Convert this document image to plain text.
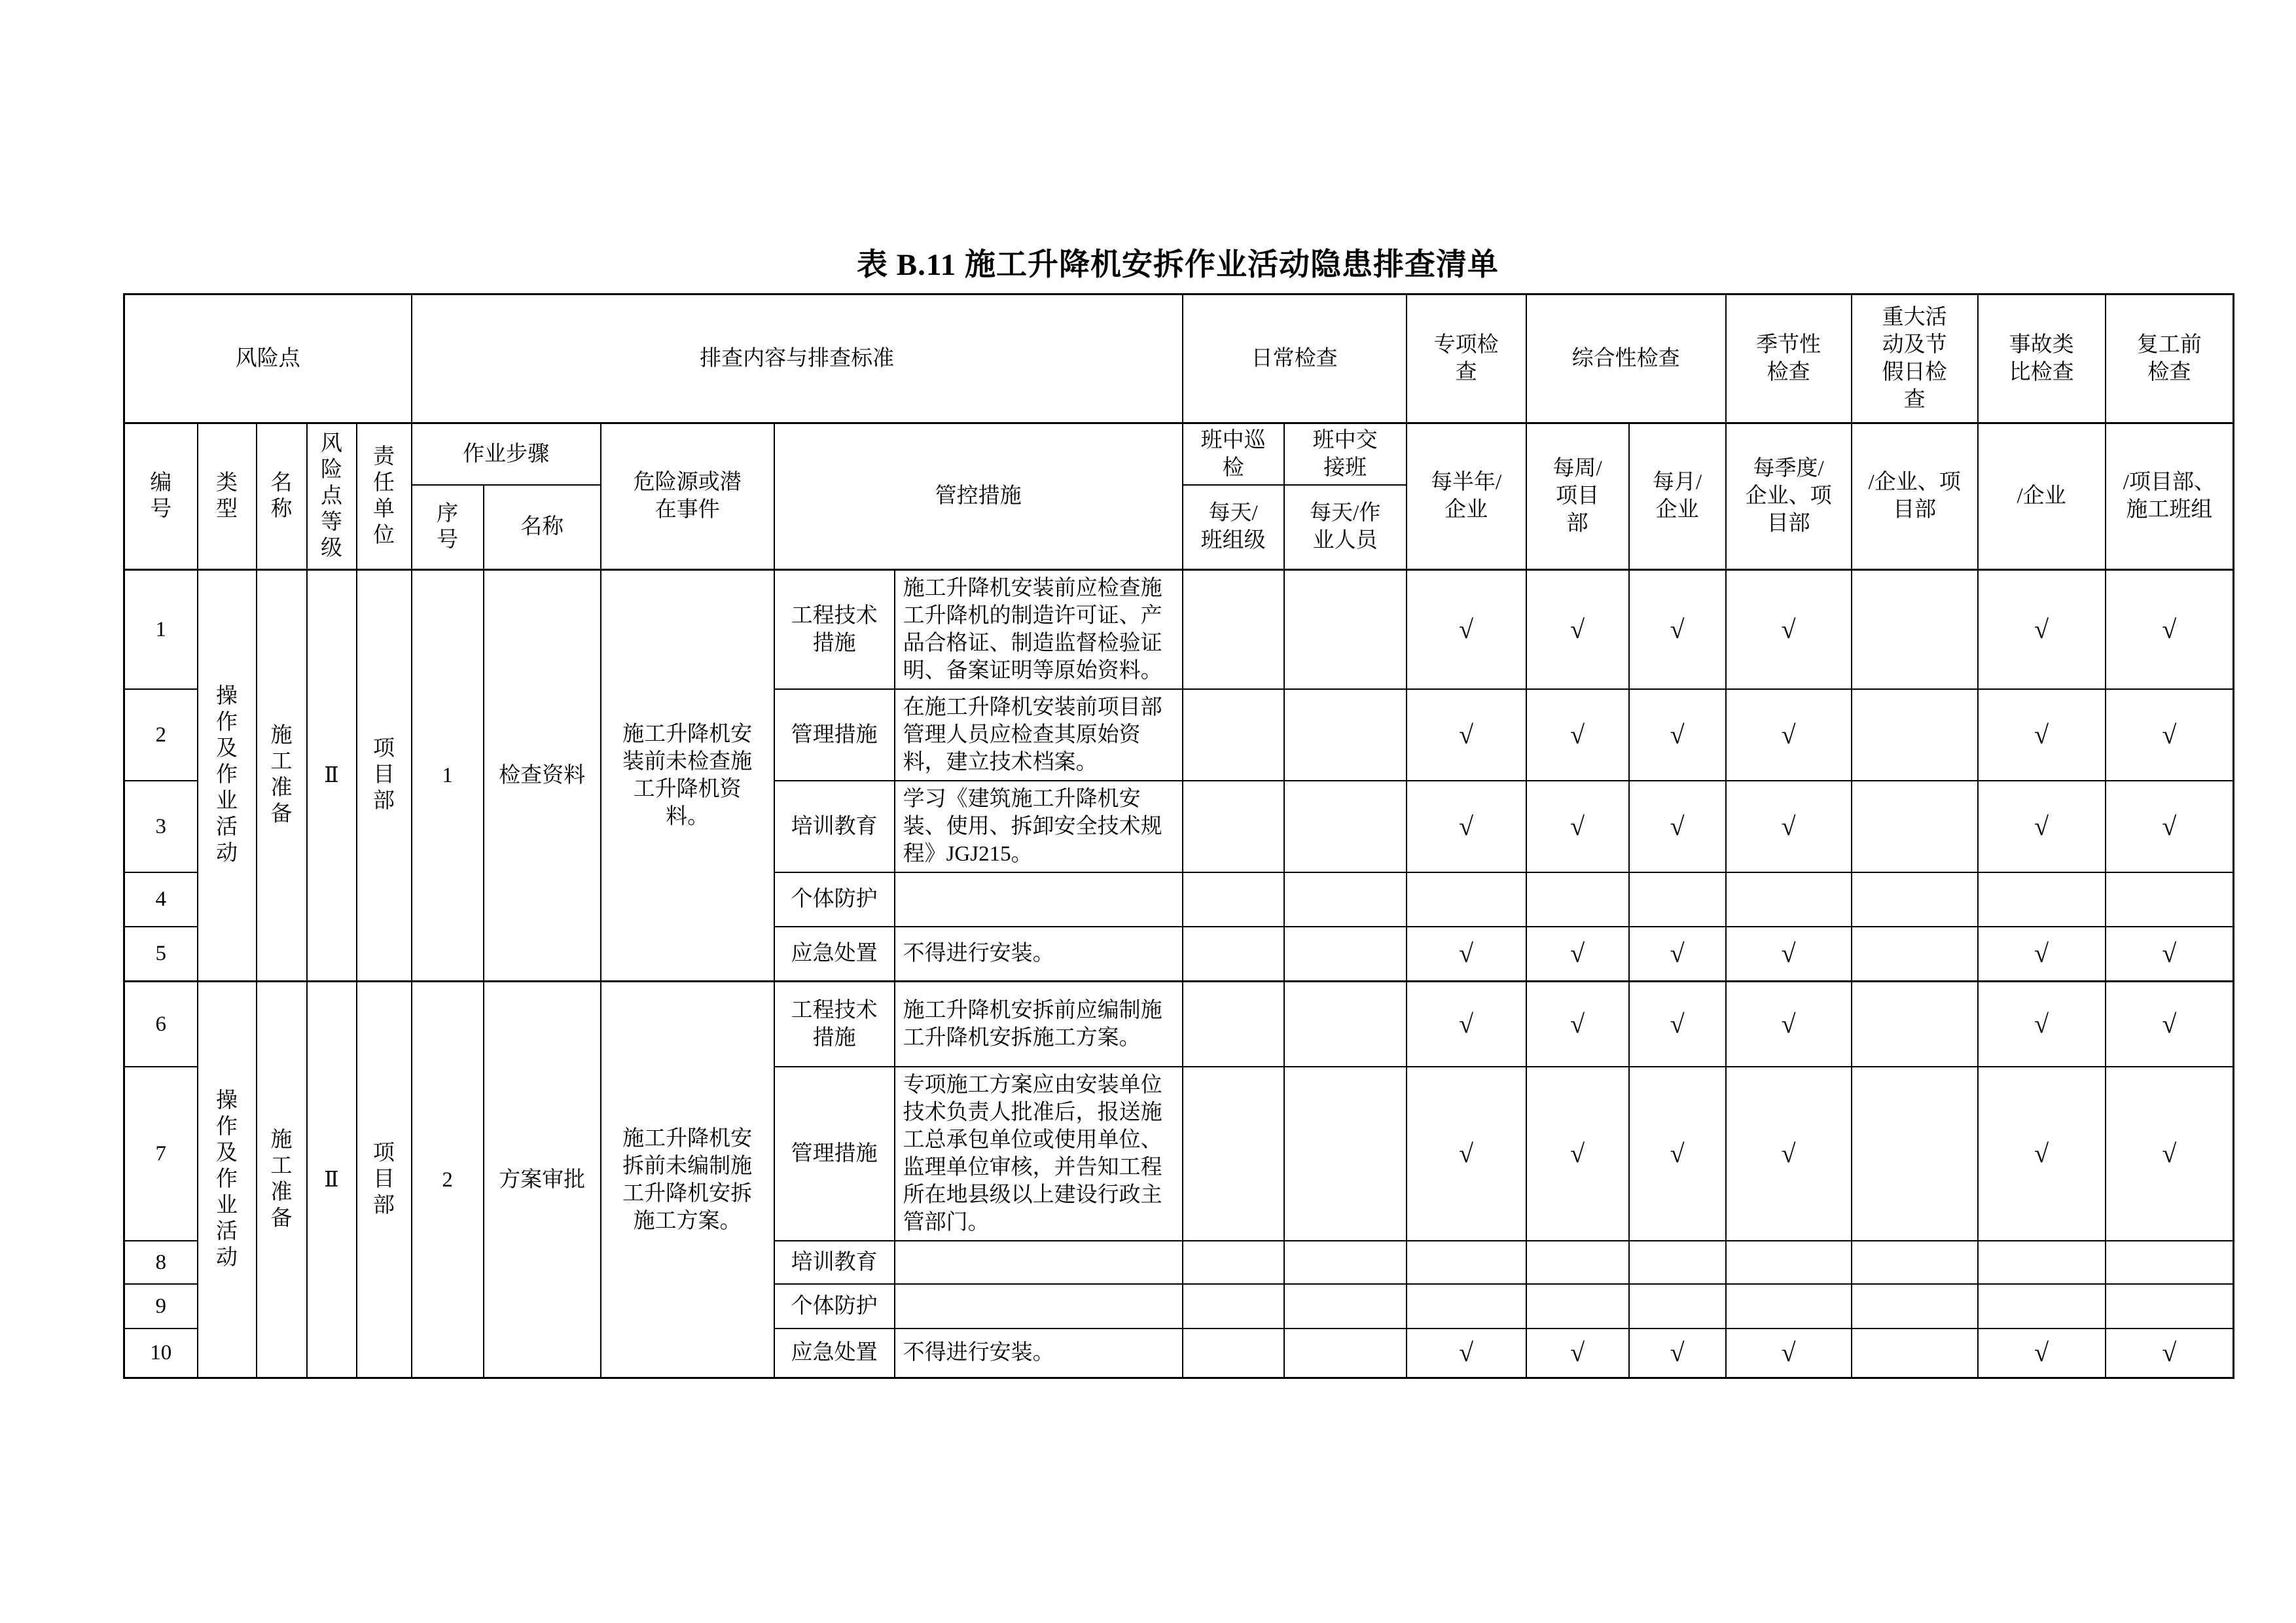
表 B.11 施工升降机安拆作业活动隐患排查清单
风险点					排查内容与排查标准					日常检查		专项检查	综合性检查		季节性检查	重大活动及节假日检查	事故类比检查	复工前检查
编号	类型	名称	风险点等级	责任单位	作业步骤		危险源或潜在事件	管控措施		班中巡检	班中交接班	每半年/企业	每周/项目部	每月/企业	每季度/企业、项目部	/企业、项目部	/企业	/项目部、施工班组
					序号	名称				每天/班组级	每天/作业人员							
1	操作及作业活动	施工准备	Ⅱ	项目部	1	检查资料	施工升降机安装前未检查施工升降机资料。	工程技术措施	施工升降机安装前应检查施工升降机的制造许可证、产品合格证、制造监督检验证明、备案证明等原始资料。			√	√	√	√		√	√
2								管理措施	在施工升降机安装前项目部管理人员应检查其原始资料，建立技术档案。			√	√	√	√		√	√
3								培训教育	学习《建筑施工升降机安装、使用、拆卸安全技术规程》JGJ215。			√	√	√	√		√	√
4								个体防护										
5								应急处置	不得进行安装。			√	√	√	√		√	√
6	操作及作业活动	施工准备	Ⅱ	项目部	2	方案审批	施工升降机安拆前未编制施工升降机安拆施工方案。	工程技术措施	施工升降机安拆前应编制施工升降机安拆施工方案。			√	√	√	√		√	√
7								管理措施	专项施工方案应由安装单位技术负责人批准后，报送施工总承包单位或使用单位、监理单位审核，并告知工程所在地县级以上建设行政主管部门。			√	√	√	√		√	√
8								培训教育										
9								个体防护										
10								应急处置	不得进行安装。			√	√	√	√		√	√
